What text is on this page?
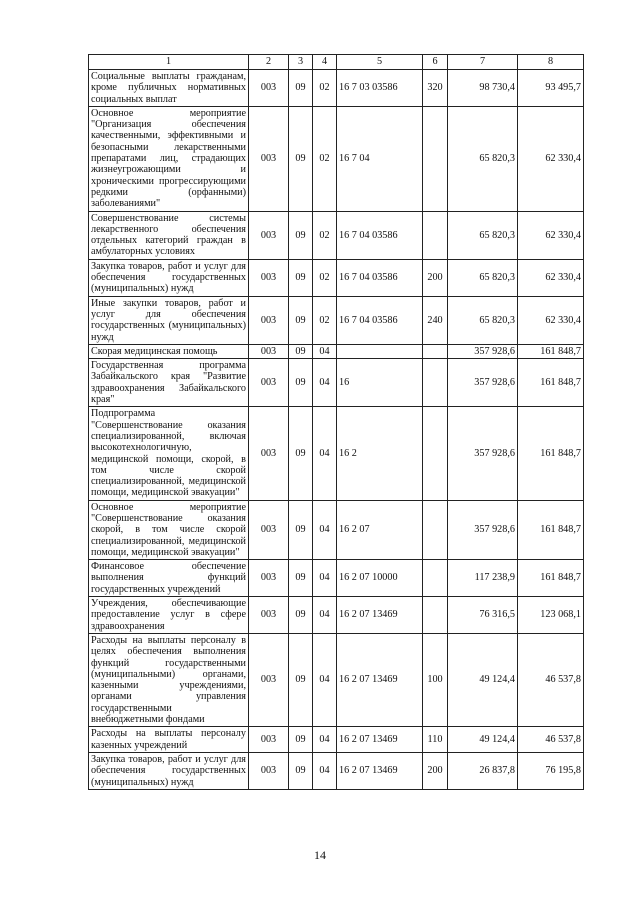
1	2	3	4	5	6	7	8
Социальные выплаты гражданам, кроме публичных нормативных социальных выплат	003	09	02	16 7 03 03586	320	98 730,4	93 495,7
Основное мероприятие "Организация обеспечения качественными, эффективными и безопасными лекарственными препаратами лиц, страдающих жизнеугрожающими и хроническими прогрессирующими редкими (орфанными) заболеваниями"	003	09	02	16 7 04		65 820,3	62 330,4
Совершенствование системы лекарственного обеспечения отдельных категорий граждан в амбулаторных условиях	003	09	02	16 7 04 03586		65 820,3	62 330,4
Закупка товаров, работ и услуг для обеспечения государственных (муниципальных) нужд	003	09	02	16 7 04 03586	200	65 820,3	62 330,4
Иные закупки товаров, работ и услуг для обеспечения государственных (муниципальных) нужд	003	09	02	16 7 04 03586	240	65 820,3	62 330,4
Скорая медицинская помощь	003	09	04			357 928,6	161 848,7
Государственная программа Забайкальского края "Развитие здравоохранения Забайкальского края"	003	09	04	16		357 928,6	161 848,7
Подпрограмма "Совершенствование оказания специализированной, включая высокотехнологичную, медицинской помощи, скорой, в том числе скорой специализированной, медицинской помощи, медицинской эвакуации"	003	09	04	16 2		357 928,6	161 848,7
Основное мероприятие "Совершенствование оказания скорой, в том числе скорой специализированной, медицинской помощи, медицинской эвакуации"	003	09	04	16 2 07		357 928,6	161 848,7
Финансовое обеспечение выполнения функций государственных учреждений	003	09	04	16 2 07 10000		117 238,9	161 848,7
Учреждения, обеспечивающие предоставление услуг в сфере здравоохранения	003	09	04	16 2 07 13469		76 316,5	123 068,1
Расходы на выплаты персоналу в целях обеспечения выполнения функций государственными (муниципальными) органами, казенными учреждениями, органами управления государственными внебюджетными фондами	003	09	04	16 2 07 13469	100	49 124,4	46 537,8
Расходы на выплаты персоналу казенных учреждений	003	09	04	16 2 07 13469	110	49 124,4	46 537,8
Закупка товаров, работ и услуг для обеспечения государственных (муниципальных) нужд	003	09	04	16 2 07 13469	200	26 837,8	76 195,8
14
